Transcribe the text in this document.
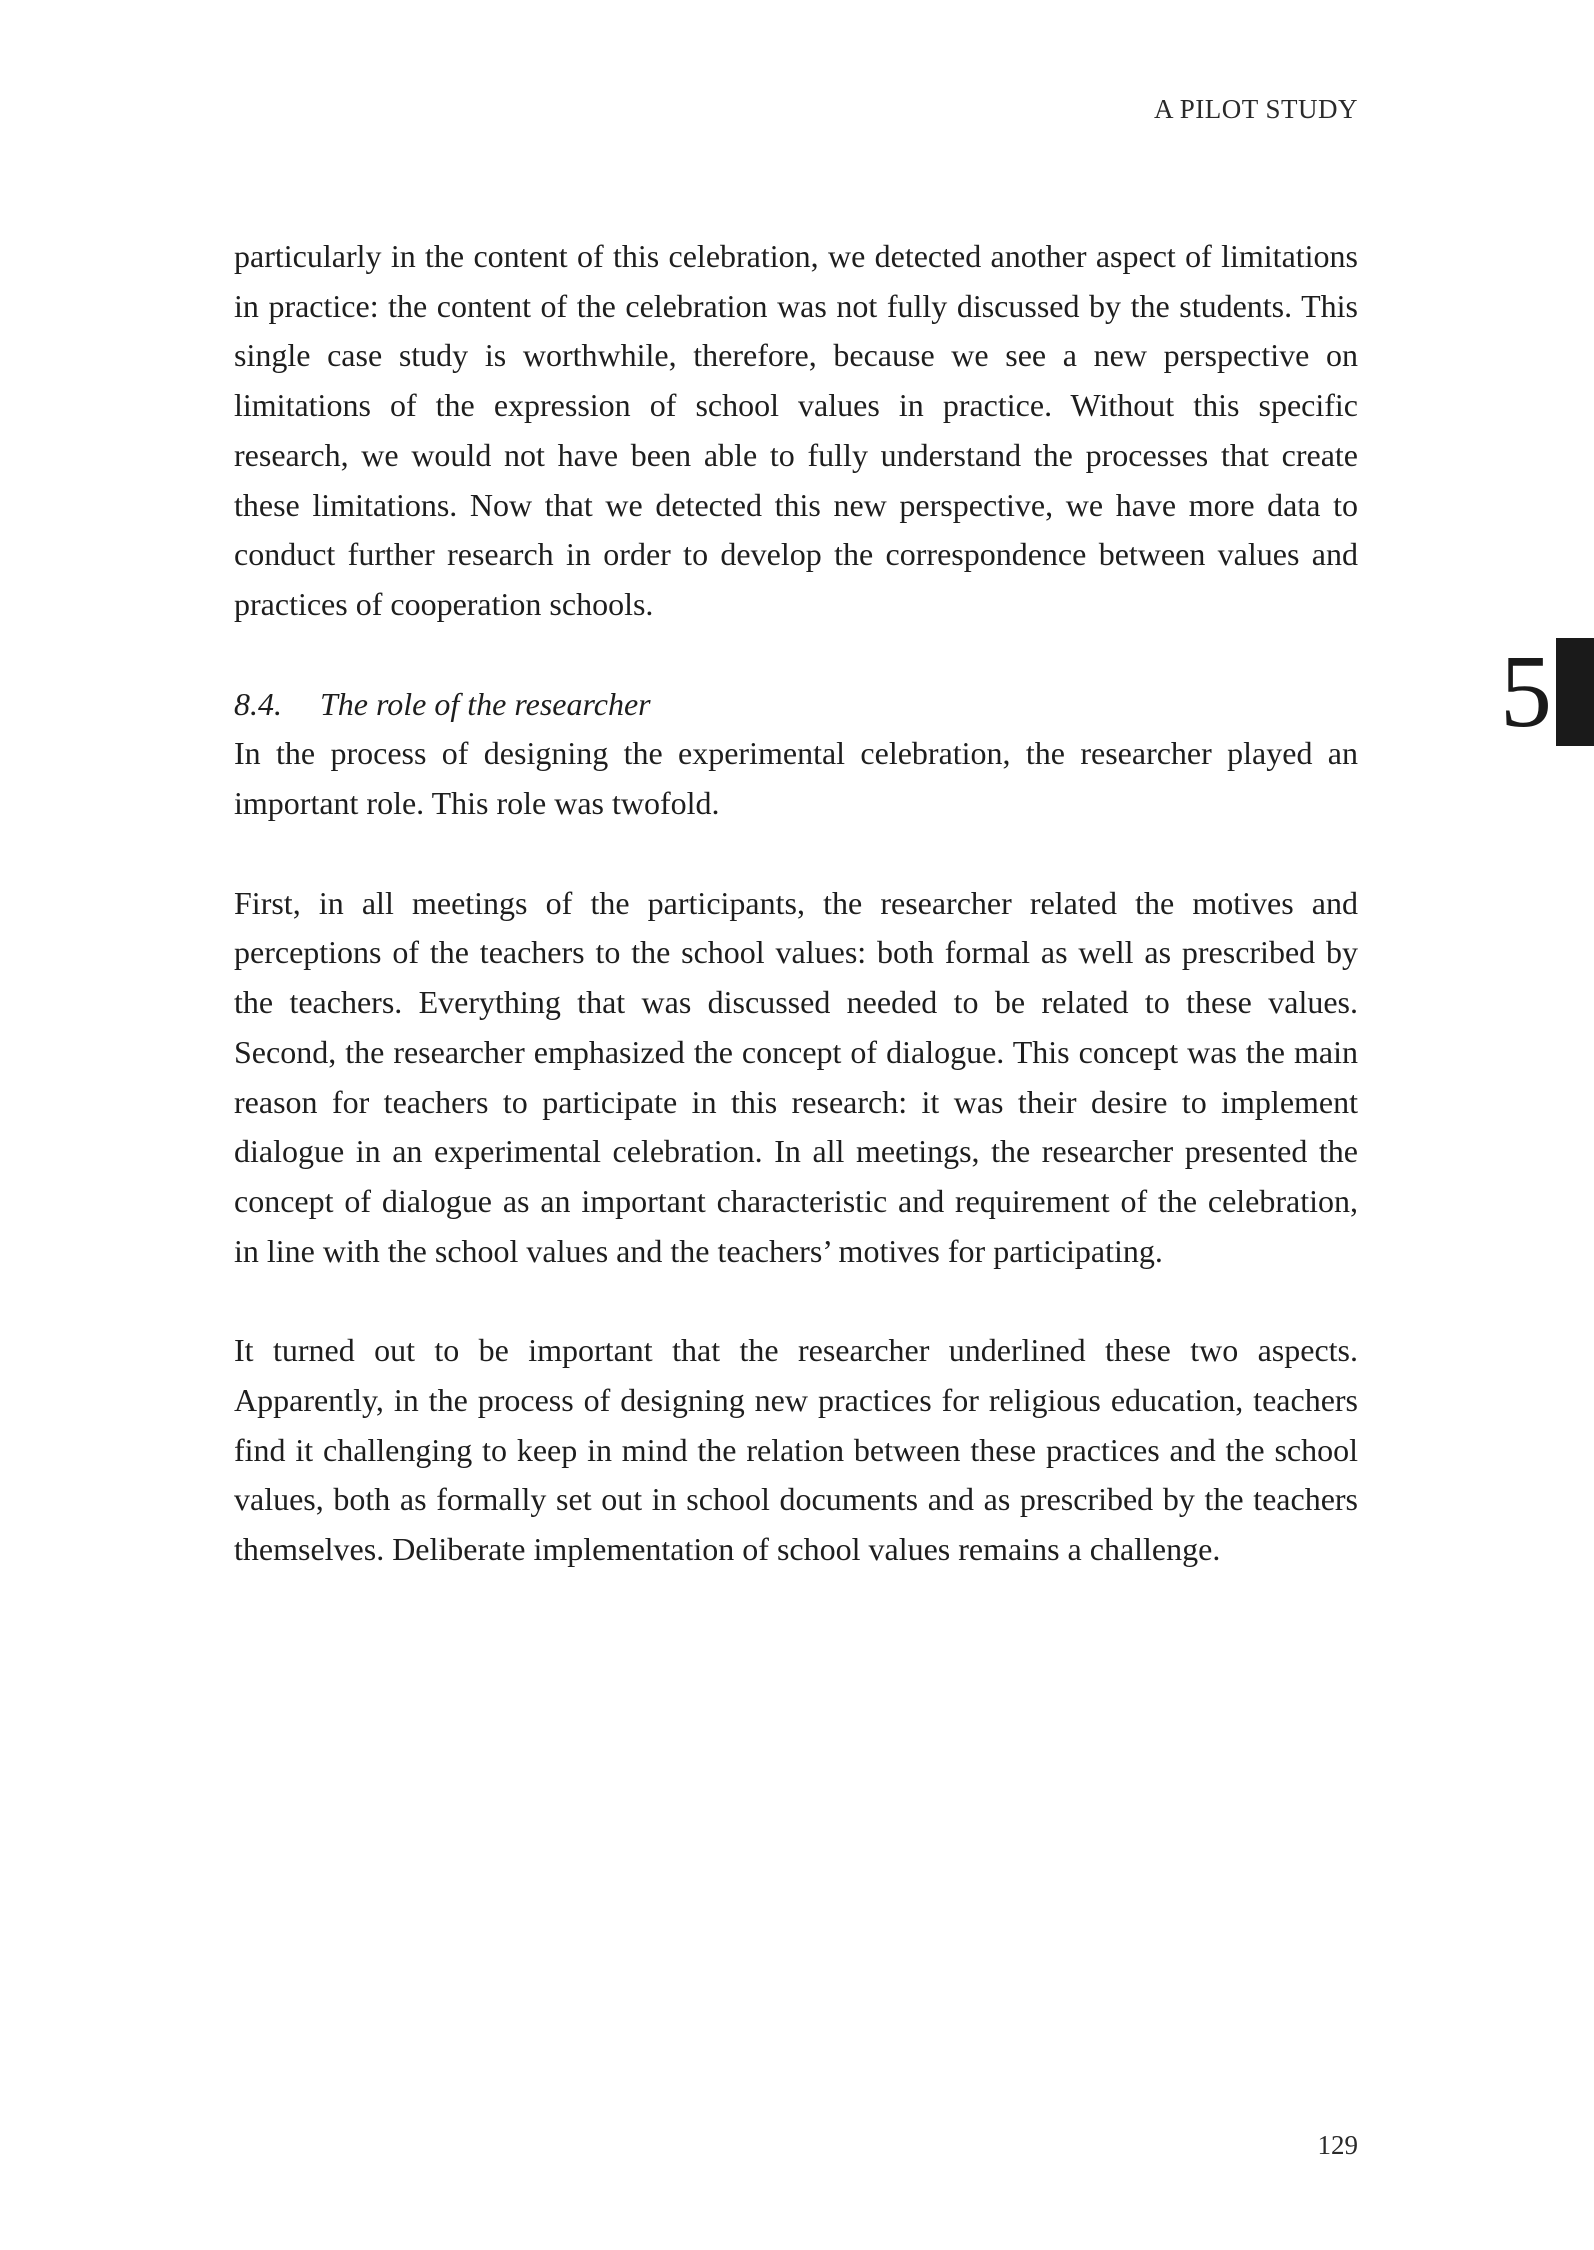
A PILOT STUDY
5

particularly in the content of this celebration, we detected another aspect of limitations in practice: the content of the celebration was not fully discussed by the students. This single case study is worthwhile, therefore, because we see a new perspective on limitations of the expression of school values in practice. Without this specific research, we would not have been able to fully understand the processes that create these limitations. Now that we detected this new perspective, we have more data to conduct further research in order to develop the correspondence between values and practices of cooperation schools.

8.4.	The role of the researcher

In the process of designing the experimental celebration, the researcher played an important role. This role was twofold.

First, in all meetings of the participants, the researcher related the motives and perceptions of the teachers to the school values: both formal as well as prescribed by the teachers. Everything that was discussed needed to be related to these values. Second, the researcher emphasized the concept of dialogue. This concept was the main reason for teachers to participate in this research: it was their desire to implement dialogue in an experimental celebration. In all meetings, the researcher presented the concept of dialogue as an important characteristic and requirement of the celebration, in line with the school values and the teachers’ motives for participating.

It turned out to be important that the researcher underlined these two aspects. Apparently, in the process of designing new practices for religious education, teachers find it challenging to keep in mind the relation between these practices and the school values, both as formally set out in school documents and as prescribed by the teachers themselves. Deliberate implementation of school values remains a challenge.

129
